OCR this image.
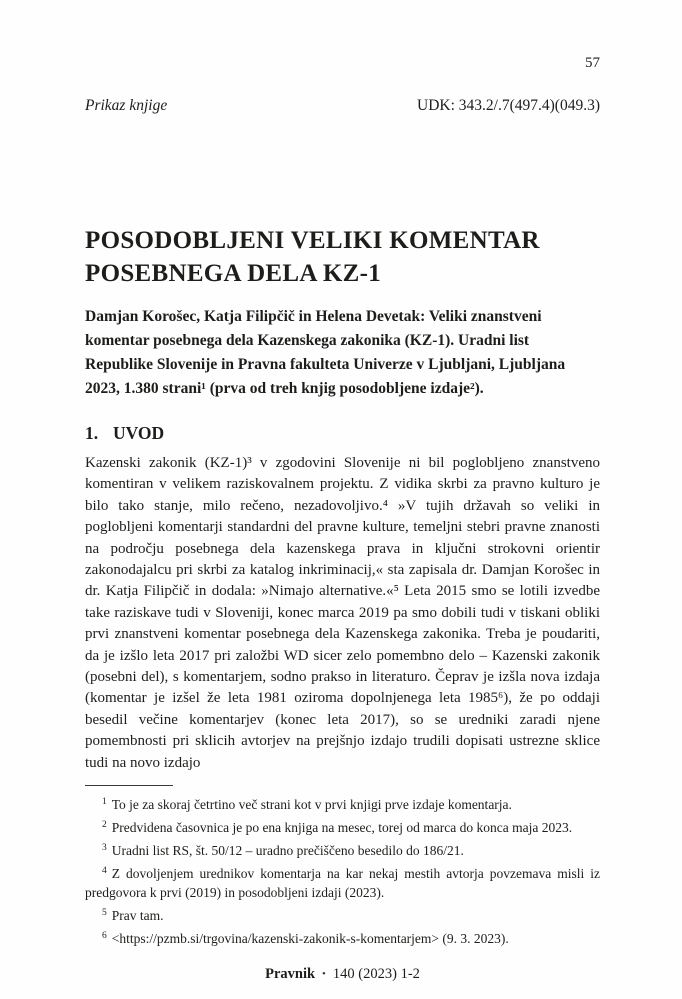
57
Prikaz knjige	UDK: 343.2/.7(497.4)(049.3)
POSODOBLJENI VELIKI KOMENTAR
POSEBNEGA DELA KZ-1

Damjan Korošec, Katja Filipčič in Helena Devetak: Veliki znanstveni komentar posebnega dela Kazenskega zakonika (KZ-1). Uradni list Republike Slovenije in Pravna fakulteta Univerze v Ljubljani, Ljubljana 2023, 1.380 strani¹ (prva od treh knjig posodobljene izdaje²).

1. UVOD

Kazenski zakonik (KZ-1)³ v zgodovini Slovenije ni bil poglobljeno znanstveno komentiran v velikem raziskovalnem projektu. Z vidika skrbi za pravno kulturo je bilo tako stanje, milo rečeno, nezadovoljivo.⁴ »V tujih državah so veliki in poglobljeni komentarji standardni del pravne kulture, temeljni stebri pravne znanosti na področju posebnega dela kazenskega prava in ključni strokovni orientir zakonodajalcu pri skrbi za katalog inkriminacij,« sta zapisala dr. Damjan Korošec in dr. Katja Filipčič in dodala: »Nimajo alternative.«⁵ Leta 2015 smo se lotili izvedbe take raziskave tudi v Sloveniji, konec marca 2019 pa smo dobili tudi v tiskani obliki prvi znanstveni komentar posebnega dela Kazenskega zakonika. Treba je poudariti, da je izšlo leta 2017 pri založbi WD sicer zelo pomembno delo – Kazenski zakonik (posebni del), s komentarjem, sodno prakso in literaturo. Čeprav je izšla nova izdaja (komentar je izšel že leta 1981 oziroma dopolnjenega leta 1985⁶), že po oddaji besedil večine komentarjev (konec leta 2017), so se uredniki zaradi njene pomembnosti pri sklicih avtorjev na prejšnjo izdajo trudili dopisati ustrezne sklice tudi na novo izdajo

$^1$ To je za skoraj četrtino več strani kot v prvi knjigi prve izdaje komentarja.
$^2$ Predvidena časovnica je po ena knjiga na mesec, torej od marca do konca maja 2023.
$^3$ Uradni list RS, št. 50/12 – uradno prečiščeno besedilo do 186/21.
$^4$ Z dovoljenjem urednikov komentarja na kar nekaj mestih avtorja povzemava misli iz predgovora k prvi (2019) in posodobljeni izdaji (2023).
$^5$ Prav tam.
$^6$ <https://pzmb.si/trgovina/kazenski-zakonik-s-komentarjem> (9. 3. 2023).
Pravnik • 140 (2023) 1-2
